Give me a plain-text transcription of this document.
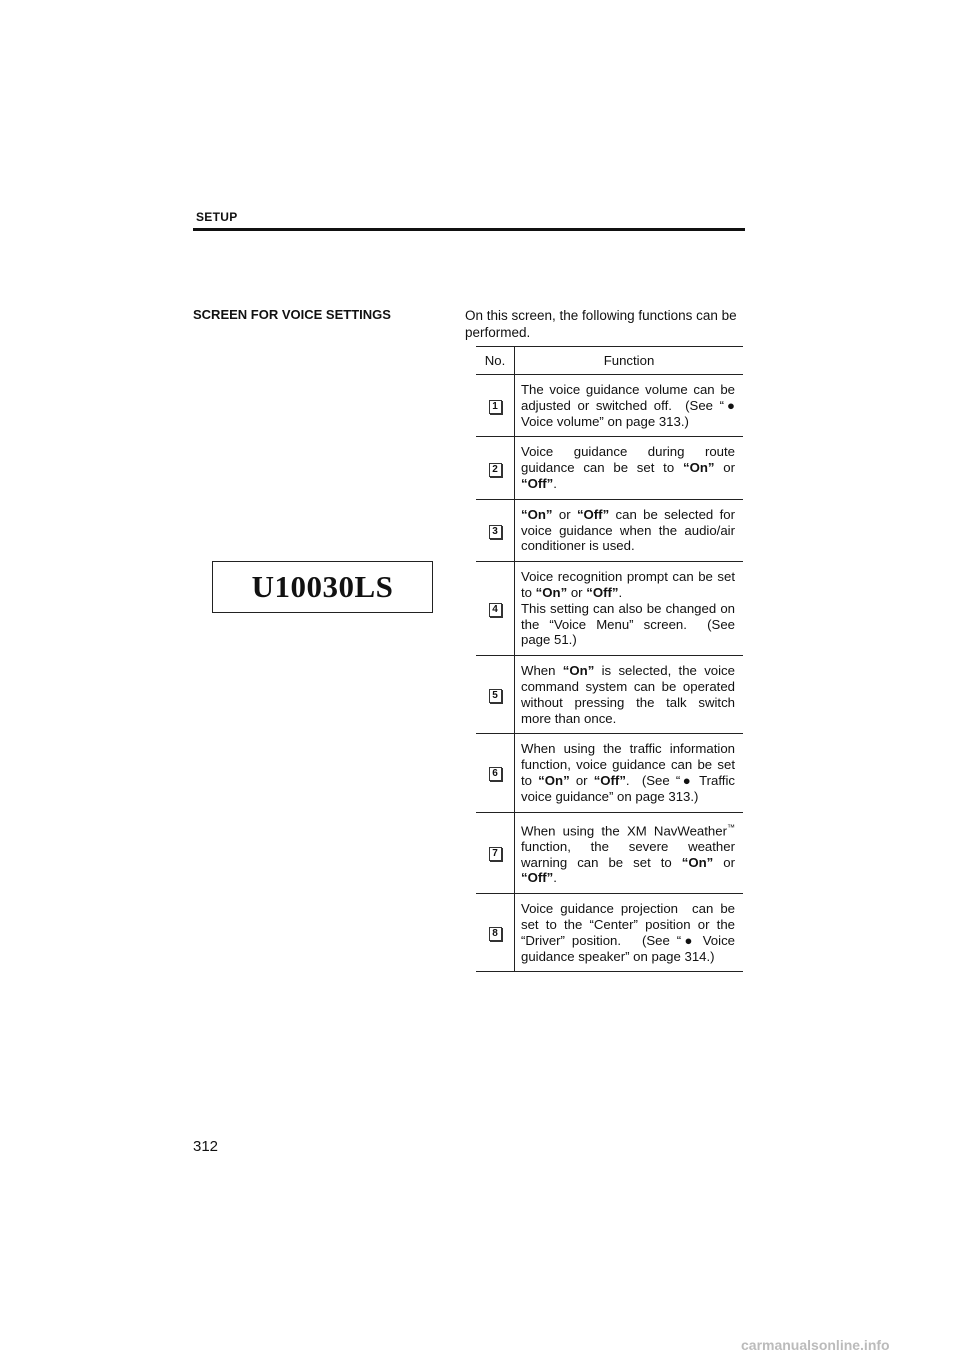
SETUP
SCREEN FOR VOICE SETTINGS
U10030LS
On this screen, the following functions can be performed.
No.	Function
1	The voice guidance volume can be adjusted or switched off.  (See “● Voice volume” on page 313.)

2	Voice guidance during route guidance can be set to “On” or “Off”.

3	“On” or “Off” can be selected for voice guidance when the audio/air conditioner is used.

4	Voice recognition prompt can be set to “On” or “Off”.
This setting can also be changed on the “Voice Menu” screen.  (See page 51.)

5	When “On” is selected, the voice command system can be operated without pressing the talk switch more than once.

6	When using the traffic information function, voice guidance can be set to “On” or “Off”.  (See “● Traffic voice guidance” on page 313.)

7	When using the XM NavWeather™ function, the severe weather warning can be set to “On” or “Off”.

8	Voice guidance projection  can be set to the “Center” position or the “Driver” position.   (See “● Voice guidance speaker” on page 314.)

312
carmanualsonline.info
